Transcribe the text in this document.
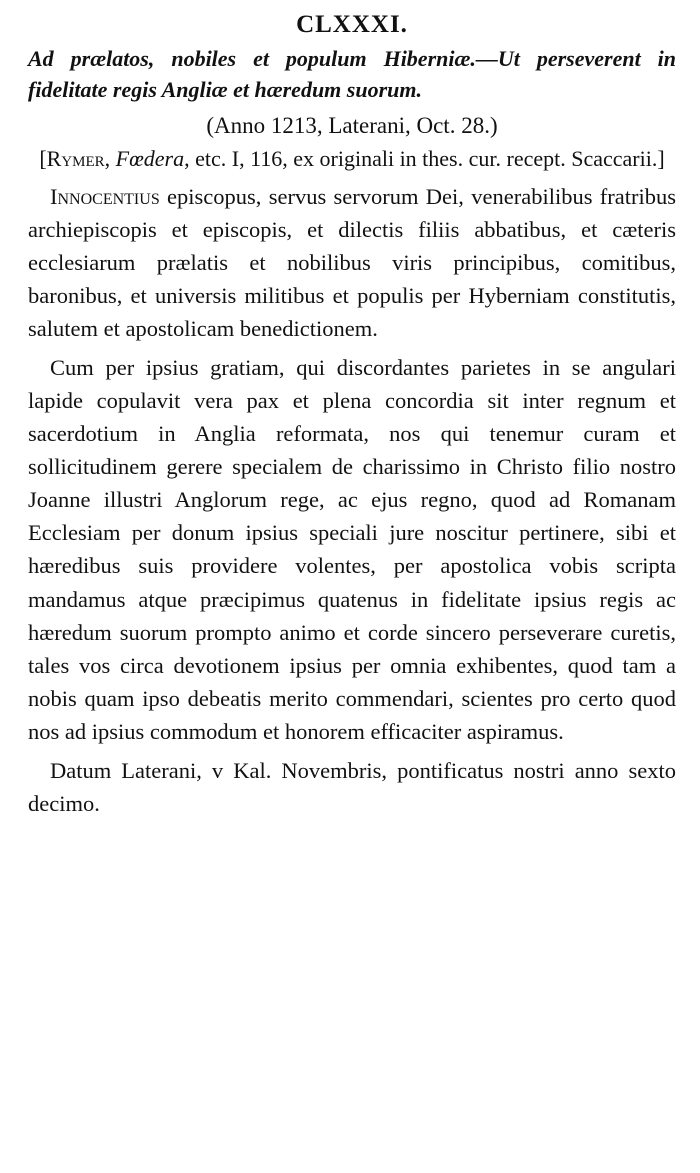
CLXXXI.
Ad prælatos, nobiles et populum Hiberniæ.—Ut perseverent in fidelitate regis Angliæ et hæredum suorum.
(Anno 1213, Laterani, Oct. 28.)
[Rymer, Fœdera, etc. I, 116, ex originali in thes. cur. recept. Scaccarii.]

Innocentius episcopus, servus servorum Dei, venerabilibus fratribus archiepiscopis et episcopis, et dilectis filiis abbatibus, et cæteris ecclesiarum prælatis et nobilibus viris principibus, comitibus, baronibus, et universis militibus et populis per Hyberniam constitutis, salutem et apostolicam benedictionem.

Cum per ipsius gratiam, qui discordantes parietes in se angulari lapide copulavit vera pax et plena concordia sit inter regnum et sacerdotium in Anglia reformata, nos qui tenemur curam et sollicitudinem gerere specialem de charissimo in Christo filio nostro Joanne illustri Anglorum rege, ac ejus regno, quod ad Romanam Ecclesiam per donum ipsius speciali jure noscitur pertinere, sibi et hæredibus suis providere volentes, per apostolica vobis scripta mandamus atque præcipimus quatenus in fidelitate ipsius regis ac hæredum suorum prompto animo et corde sincero perseverare curetis, tales vos circa devotionem ipsius per omnia exhibentes, quod tam a nobis quam ipso debeatis merito commendari, scientes pro certo quod nos ad ipsius commodum et honorem efficaciter aspiramus.

Datum Laterani, v Kal. Novembris, pontificatus nostri anno sexto decimo.
